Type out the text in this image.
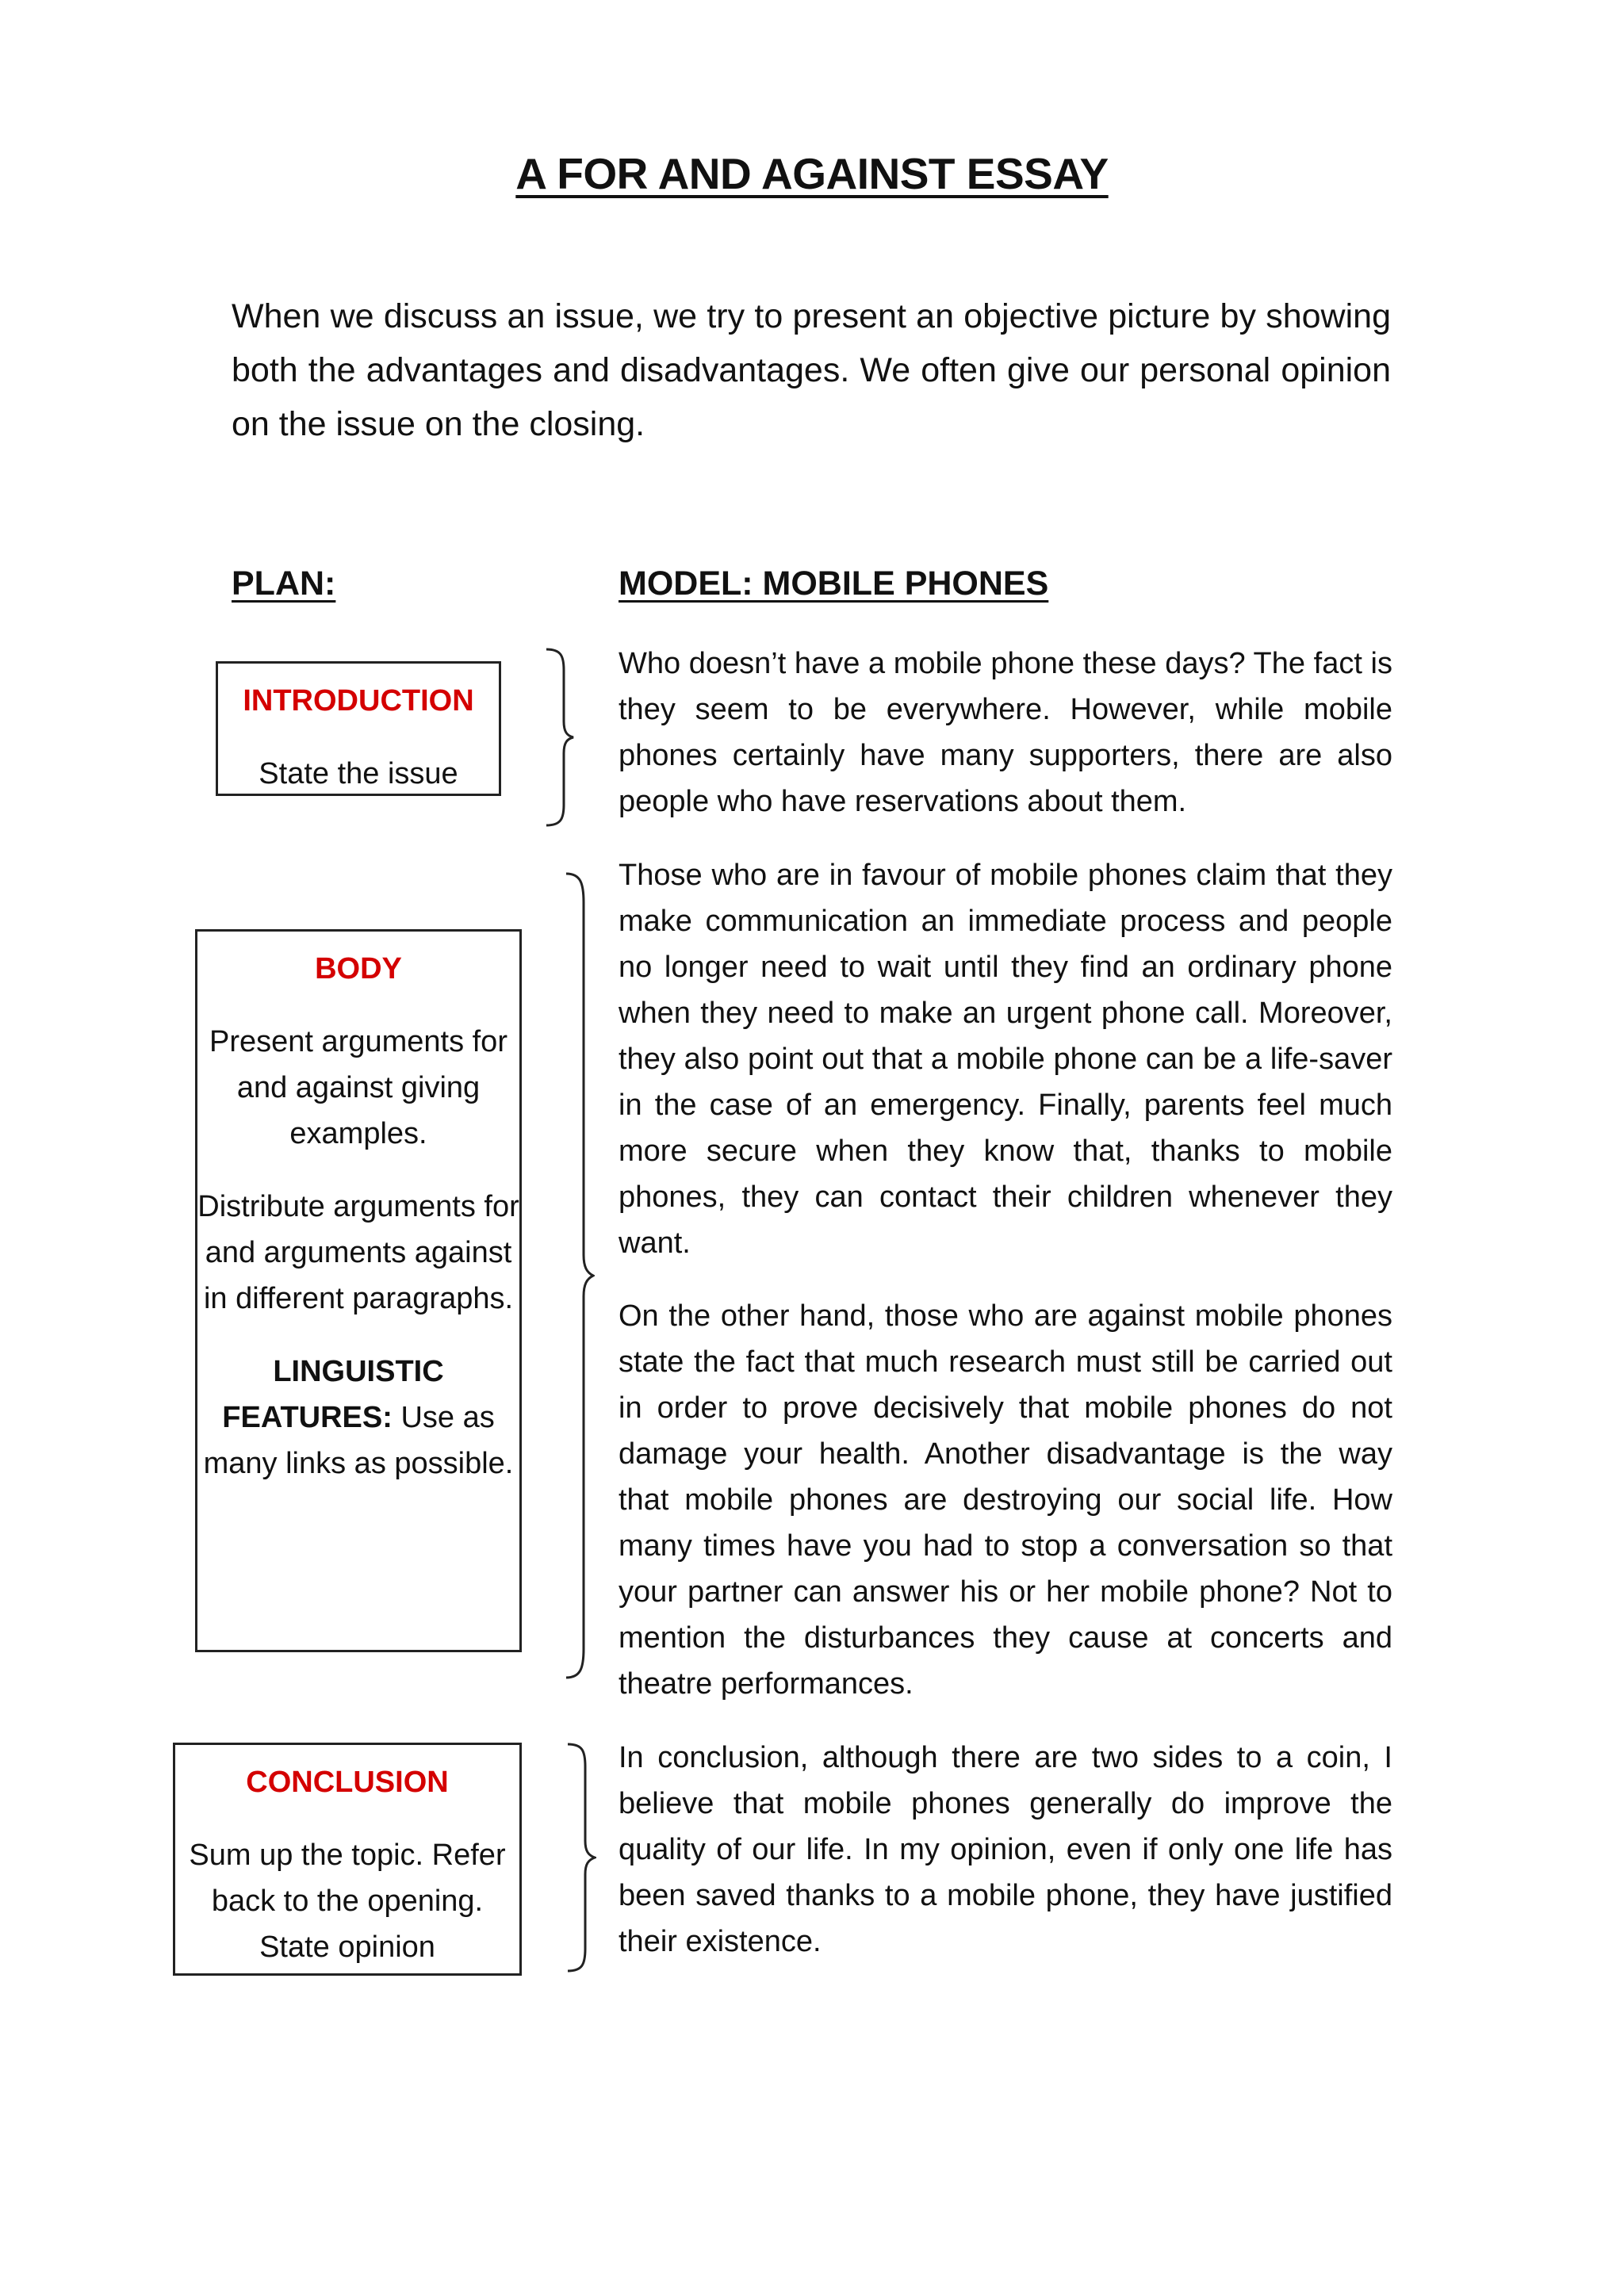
A FOR AND AGAINST ESSAY

When we discuss an issue, we try to present an objective picture by showing both the advantages and disadvantages. We often give our personal opinion on the issue on the closing.

PLAN:	MODEL: MOBILE PHONES

INTRODUCTION

State the issue

BODY

Present arguments for and against giving examples.

Distribute arguments for and arguments against in different paragraphs.

LINGUISTIC FEATURES: Use as many links as possible.

CONCLUSION

Sum up the topic. Refer back to the opening. State opinion

Who doesn’t have a mobile phone these days? The fact is they seem to be everywhere. However, while mobile phones certainly have many supporters, there are also people who have reservations about them.

Those who are in favour of mobile phones claim that they make communication an immediate process and people no longer need to wait until they find an ordinary phone when they need to make an urgent phone call. Moreover, they also point out that a mobile phone can be a life-saver in the case of an emergency. Finally, parents feel much more secure when they know that, thanks to mobile phones, they can contact their children whenever they want.

On the other hand, those who are against mobile phones state the fact that much research must still be carried out in order to prove decisively that mobile phones do not damage your health. Another disadvantage is the way that mobile phones are destroying our social life. How many times have you had to stop a conversation so that your partner can answer his or her mobile phone? Not to mention the disturbances they cause at concerts and theatre performances.

In conclusion, although there are two sides to a coin, I believe that mobile phones generally do improve the quality of our life. In my opinion, even if only one life has been saved thanks to a mobile phone, they have justified their existence.
